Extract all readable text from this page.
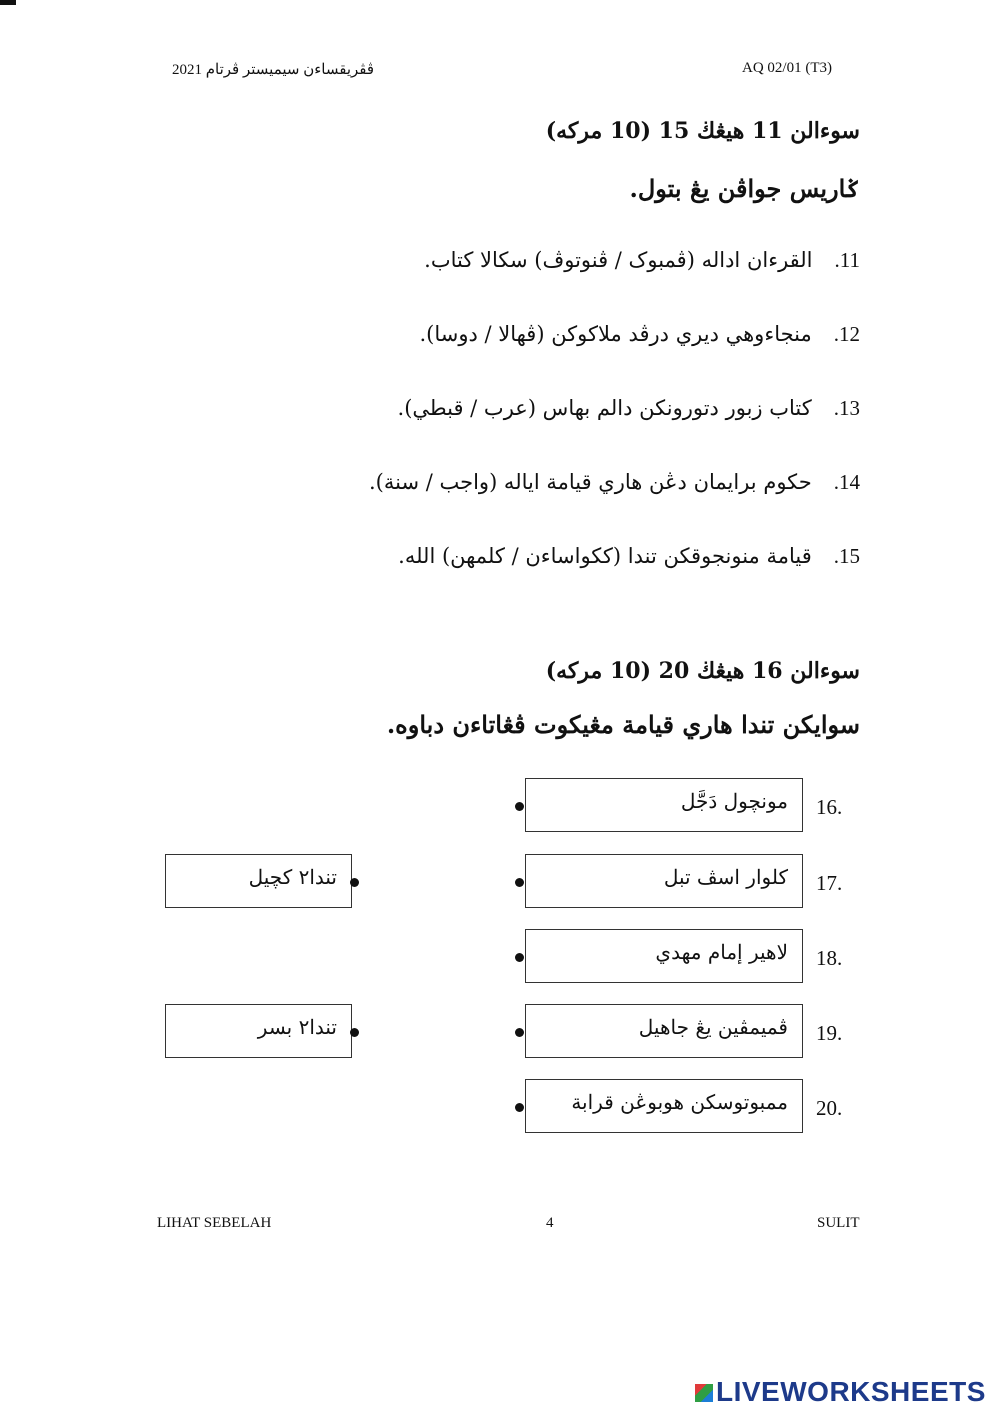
ڤڤريقساءن سيميستر ڤرتام 2021	AQ 02/01 (T3)
سوءالن 11 هيڠڬ 15 (10 مركه)
ݢاريس جواڤن يڠ بتول.
11.القرءان اداله (ڤمبوک / ڤنوتوڤ) سکالا کتاب.
12.منجاءوهي ديري درڤد ملاکوکن (ڤهالا / دوسا).
13.کتاب زبور دتورونکن دالم بهاس (عرب / قبطي).
14.حکوم برايمان دڠن هاري قيامة اياله (واجب / سنة).
15.قيامة منونجوقکن تندا (ککواساءن / کلمهن) الله.
سوءالن 16 هيڠڬ 20 (10 مركه)
سوايکن تندا هاري قيامة مڠيکوت ڤڠاتاءن دباوه.
16.
مونچول دَجَّل
17.
کلوار اسڤ تبل
18.
لاهير إمام مهدي
19.
ڤميمڤين يڠ جاهيل
20.
ممبوتوسکن هوبوڠن قرابة
تندا٢ کچيل
تندا٢ بسر
LIHAT SEBELAH	4	SULIT
LIVEWORKSHEETS
